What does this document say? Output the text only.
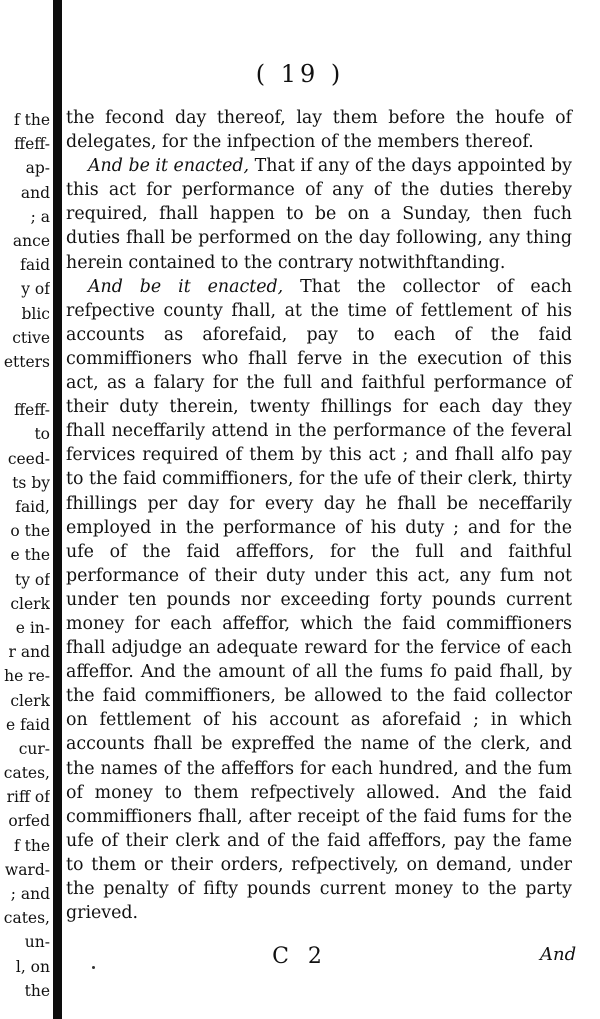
f the
ffeff-
ap-
and
; a
ance
faid
y of
blic
ctive
etters
ffeff-
to
ceed-
ts by
faid,
o the
e the
ty of
clerk
e in-
r and
he re-
clerk
e faid
cur-
cates,
riff of
orfed
f the
ward-
; and
cates,
un-
l, on
the
( 19 )

the fecond day thereof, lay them before the houfe of delegates, for the infpection of the members thereof.

And be it enacted, That if any of the days appointed by this act for performance of any of the duties thereby required, fhall happen to be on a Sunday, then fuch duties fhall be performed on the day following, any thing herein contained to the contrary notwithftanding.

And be it enacted, That the collector of each refpective county fhall, at the time of fettlement of his accounts as aforefaid, pay to each of the faid commiffioners who fhall ferve in the execution of this act, as a falary for the full and faithful performance of their duty therein, twenty fhillings for each day they fhall neceffarily attend in the performance of the feveral fervices required of them by this act ; and fhall alfo pay to the faid commiffioners, for the ufe of their clerk, thirty fhillings per day for every day he fhall be neceffarily employed in the performance of his duty ; and for the ufe of the faid affeffors, for the full and faithful performance of their duty under this act, any fum not under ten pounds nor exceeding forty pounds current money for each affeffor, which the faid commiffioners fhall adjudge an adequate reward for the fervice of each affeffor. And the amount of all the fums fo paid fhall, by the faid commiffioners, be allowed to the faid collector on fettlement of his account as aforefaid ; in which accounts fhall be expreffed the name of the clerk, and the names of the affeffors for each hundred, and the fum of money to them refpectively allowed. And the faid commiffioners fhall, after receipt of the faid fums for the ufe of their clerk and of the faid affeffors, pay the fame to them or their orders, refpectively, on demand, under the penalty of fifty pounds current money to the party grieved.

C 2	And
